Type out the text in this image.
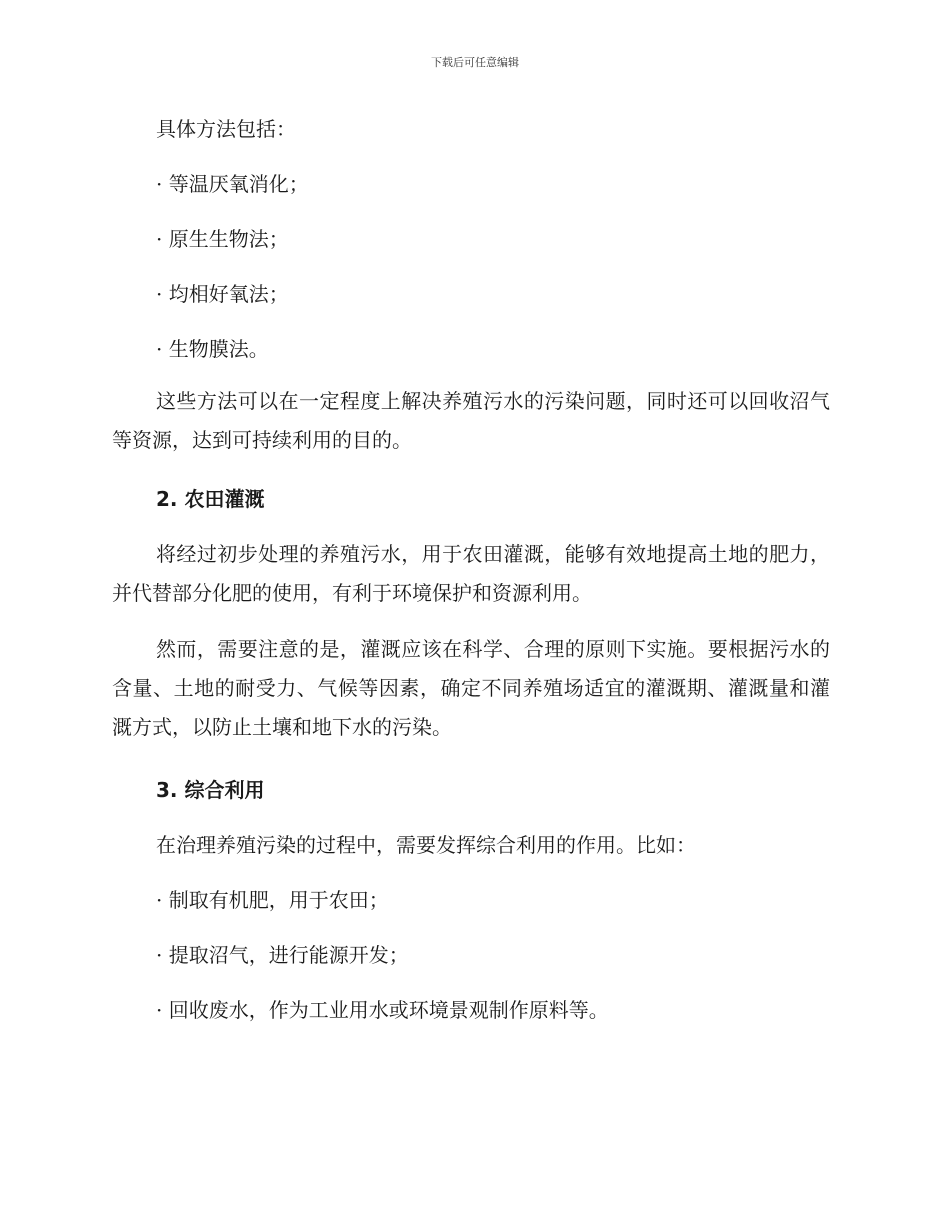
下载后可任意编辑

具体方法包括：

· 等温厌氧消化；

· 原生生物法；

· 均相好氧法；

· 生物膜法。

这些方法可以在一定程度上解决养殖污水的污染问题，同时还可以回收沼气等资源，达到可持续利用的目的。

2. 农田灌溉

将经过初步处理的养殖污水，用于农田灌溉，能够有效地提高土地的肥力，并代替部分化肥的使用，有利于环境保护和资源利用。

然而，需要注意的是，灌溉应该在科学、合理的原则下实施。要根据污水的含量、土地的耐受力、气候等因素，确定不同养殖场适宜的灌溉期、灌溉量和灌溉方式，以防止土壤和地下水的污染。

3. 综合利用

在治理养殖污染的过程中，需要发挥综合利用的作用。比如：

· 制取有机肥，用于农田；

· 提取沼气，进行能源开发；

· 回收废水，作为工业用水或环境景观制作原料等。
